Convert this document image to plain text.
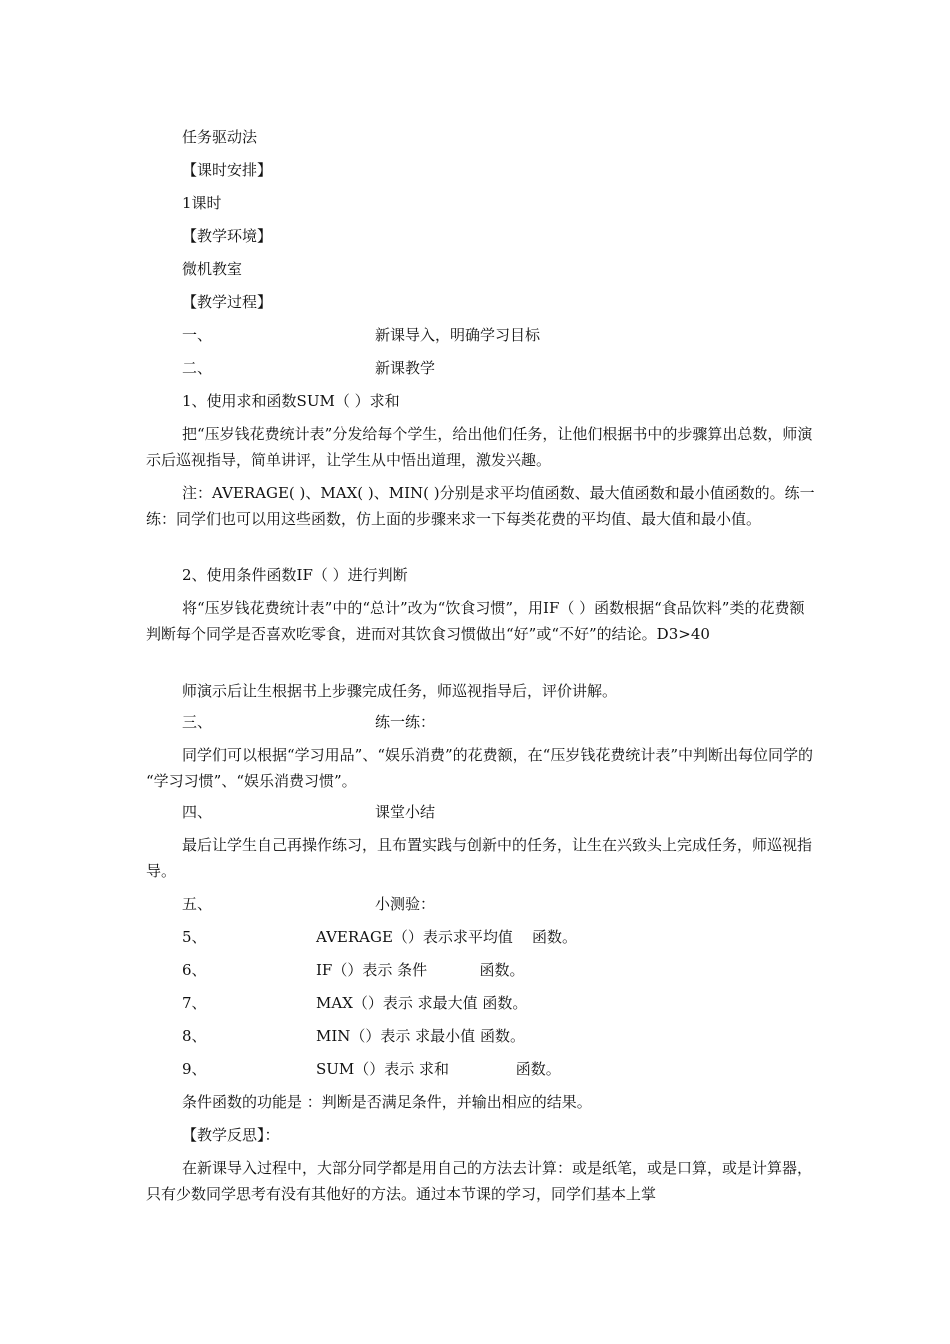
任务驱动法
【课时安排】
1课时
【教学环境】
微机教室
【教学过程】
一、	新课导入，明确学习目标
二、	新课教学
1、使用求和函数SUM（ ）求和
把“压岁钱花费统计表”分发给每个学生，给出他们任务，让他们根据书中的步骤算出总数，师演示后巡视指导，简单讲评，让学生从中悟出道理，激发兴趣。
注：AVERAGE( )、MAX( )、MIN( )分别是求平均值函数、最大值函数和最小值函数的。练一练：同学们也可以用这些函数，仿上面的步骤来求一下每类花费的平均值、最大值和最小值。
2、使用条件函数IF（ ）进行判断
将“压岁钱花费统计表”中的“总计”改为“饮食习惯”，用IF（ ）函数根据“食品饮料”类的花费额判断每个同学是否喜欢吃零食，进而对其饮食习惯做出“好”或“不好”的结论。D3>40
师演示后让生根据书上步骤完成任务，师巡视指导后，评价讲解。
三、	练一练：
同学们可以根据“学习用品”、“娱乐消费”的花费额，在“压岁钱花费统计表”中判断出每位同学的 “学习习惯”、“娱乐消费习惯”。
四、	课堂小结
最后让学生自己再操作练习，且布置实践与创新中的任务，让生在兴致头上完成任务，师巡视指导。
五、	小测验：
5、	AVERAGE（）表示求平均值    函数。
6、	IF（）表示 条件           函数。
7、	MAX（）表示 求最大值 函数。
8、	MIN（）表示 求最小值 函数。
9、	SUM（）表示 求和              函数。
条件函数的功能是 ：判断是否满足条件，并输出相应的结果。
【教学反思】：
在新课导入过程中，大部分同学都是用自己的方法去计算：或是纸笔，或是口算，或是计算器，只有少数同学思考有没有其他好的方法。通过本节课的学习，同学们基本上掌
